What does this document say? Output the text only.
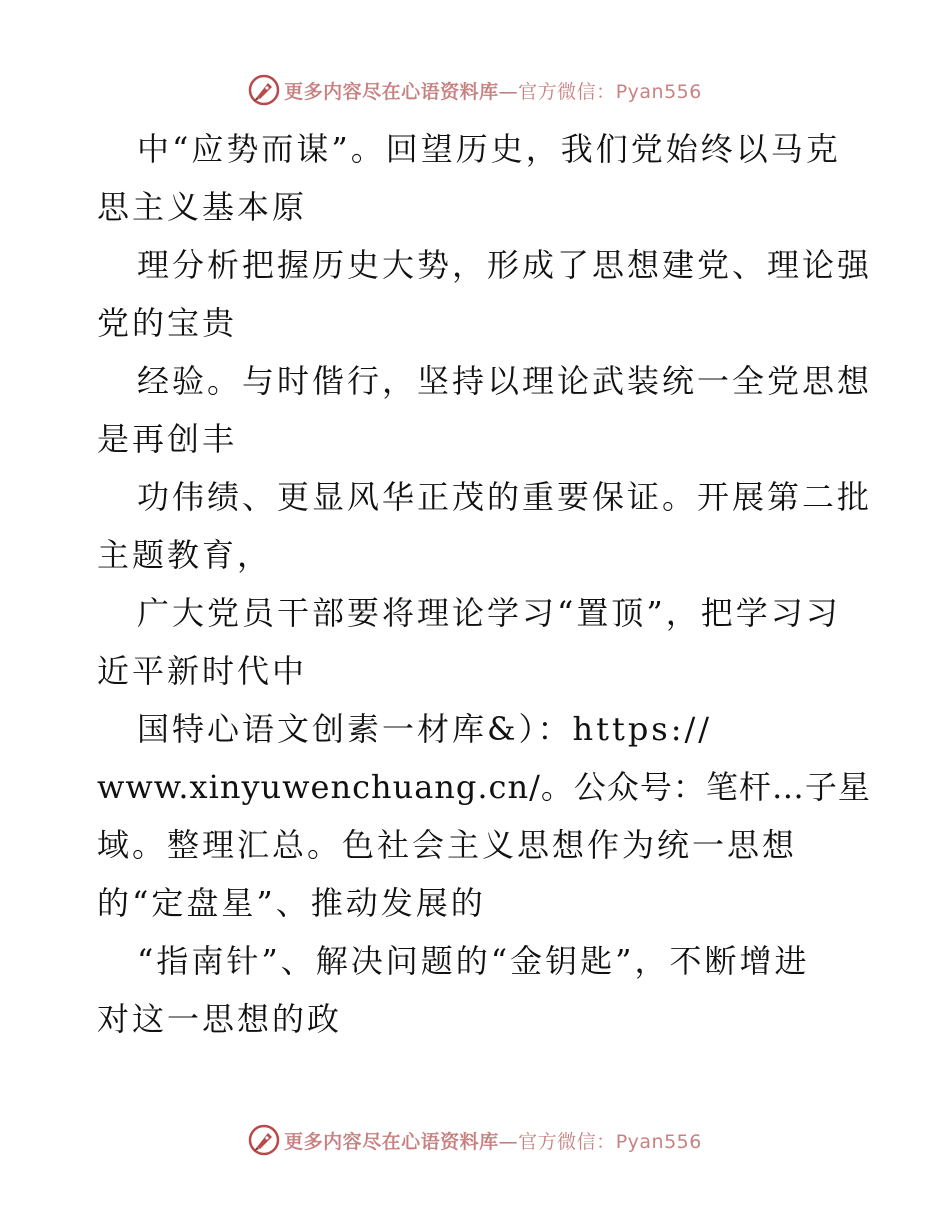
更多内容尽在心语资料库—官方微信：Pyan556
中“应势而谋”。回望历史，我们党始终以马克
思主义基本原
理分析把握历史大势，形成了思想建党、理论强
党的宝贵
经验。与时偕行，坚持以理论武装统一全党思想
是再创丰
功伟绩、更显风华正茂的重要保证。开展第二批
主题教育，
广大党员干部要将理论学习“置顶”，把学习习
近平新时代中
国特心语文创素一材库&）：https://
www.xinyuwenchuang.cn/。公众号：笔杆…子星
域。整理汇总。色社会主义思想作为统一思想
的“定盘星”、推动发展的
“指南针”、解决问题的“金钥匙”，不断增进
对这一思想的政
更多内容尽在心语资料库—官方微信：Pyan556
